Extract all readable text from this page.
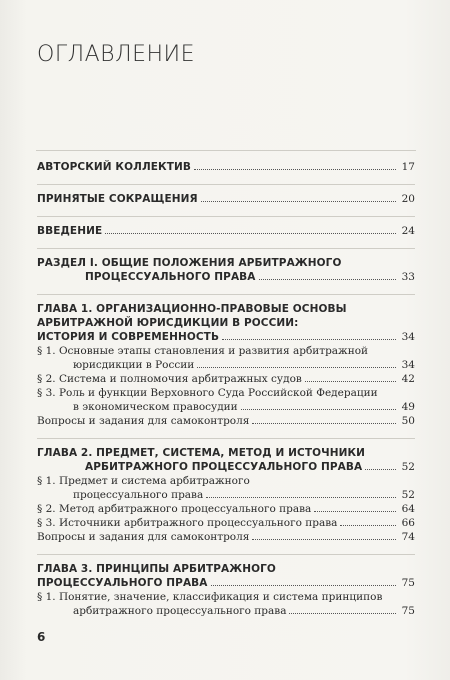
ОГЛАВЛЕНИЕ
АВТОРСКИЙ КОЛЛЕКТИВ	17
ПРИНЯТЫЕ СОКРАЩЕНИЯ	20
ВВЕДЕНИЕ	24
РАЗДЕЛ I. ОБЩИЕ ПОЛОЖЕНИЯ АРБИТРАЖНОГО
ПРОЦЕССУАЛЬНОГО ПРАВА	33
ГЛАВА 1. ОРГАНИЗАЦИОННО-ПРАВОВЫЕ ОСНОВЫ
АРБИТРАЖНОЙ ЮРИСДИКЦИИ В РОССИИ:
ИСТОРИЯ И СОВРЕМЕННОСТЬ	34
§ 1. Основные этапы становления и развития арбитражной
юрисдикции в России	34
§ 2. Система и полномочия арбитражных судов	42
§ 3. Роль и функции Верховного Суда Российской Федерации
в экономическом правосудии	49
Вопросы и задания для самоконтроля	50
ГЛАВА 2. ПРЕДМЕТ, СИСТЕМА, МЕТОД И ИСТОЧНИКИ
АРБИТРАЖНОГО ПРОЦЕССУАЛЬНОГО ПРАВА	52
§ 1. Предмет и система арбитражного
процессуального права	52
§ 2. Метод арбитражного процессуального права	64
§ 3. Источники арбитражного процессуального права	66
Вопросы и задания для самоконтроля	74
ГЛАВА 3. ПРИНЦИПЫ АРБИТРАЖНОГО
ПРОЦЕССУАЛЬНОГО ПРАВА	75
§ 1. Понятие, значение, классификация и система принципов
арбитражного процессуального права	75
6
